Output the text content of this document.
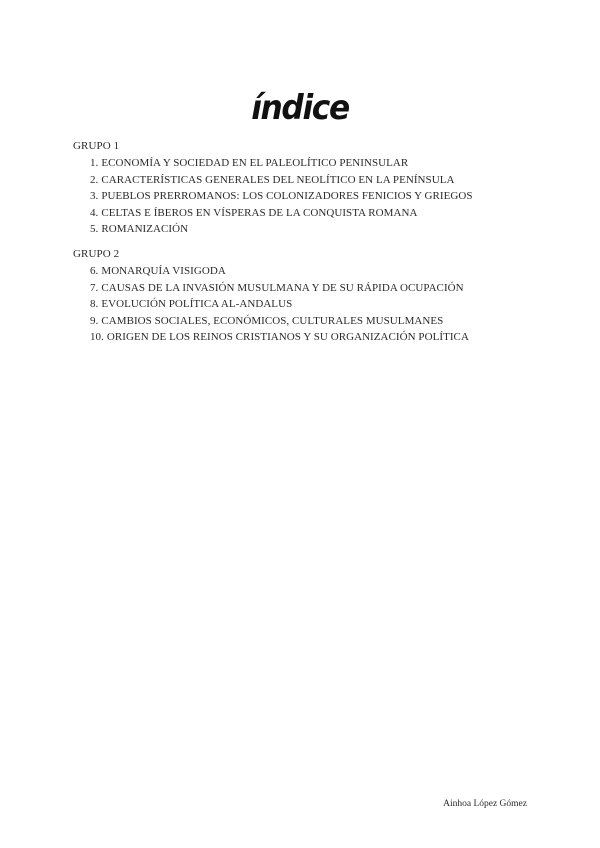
índice
GRUPO 1
1. ECONOMÍA Y SOCIEDAD EN EL PALEOLÍTICO PENINSULAR
2. CARACTERÍSTICAS GENERALES DEL NEOLÍTICO EN LA PENÍNSULA
3. PUEBLOS PRERROMANOS: LOS COLONIZADORES FENICIOS Y GRIEGOS
4. CELTAS E ÍBEROS EN VÍSPERAS DE LA CONQUISTA ROMANA
5. ROMANIZACIÓN
GRUPO 2
6. MONARQUÍA VISIGODA
7. CAUSAS DE LA INVASIÓN MUSULMANA Y DE SU RÁPIDA OCUPACIÓN
8. EVOLUCIÓN POLÍTICA AL-ANDALUS
9. CAMBIOS SOCIALES, ECONÓMICOS, CULTURALES MUSULMANES
10. ORIGEN DE LOS REINOS CRISTIANOS Y SU ORGANIZACIÓN POLÍTICA
Ainhoa López Gómez
